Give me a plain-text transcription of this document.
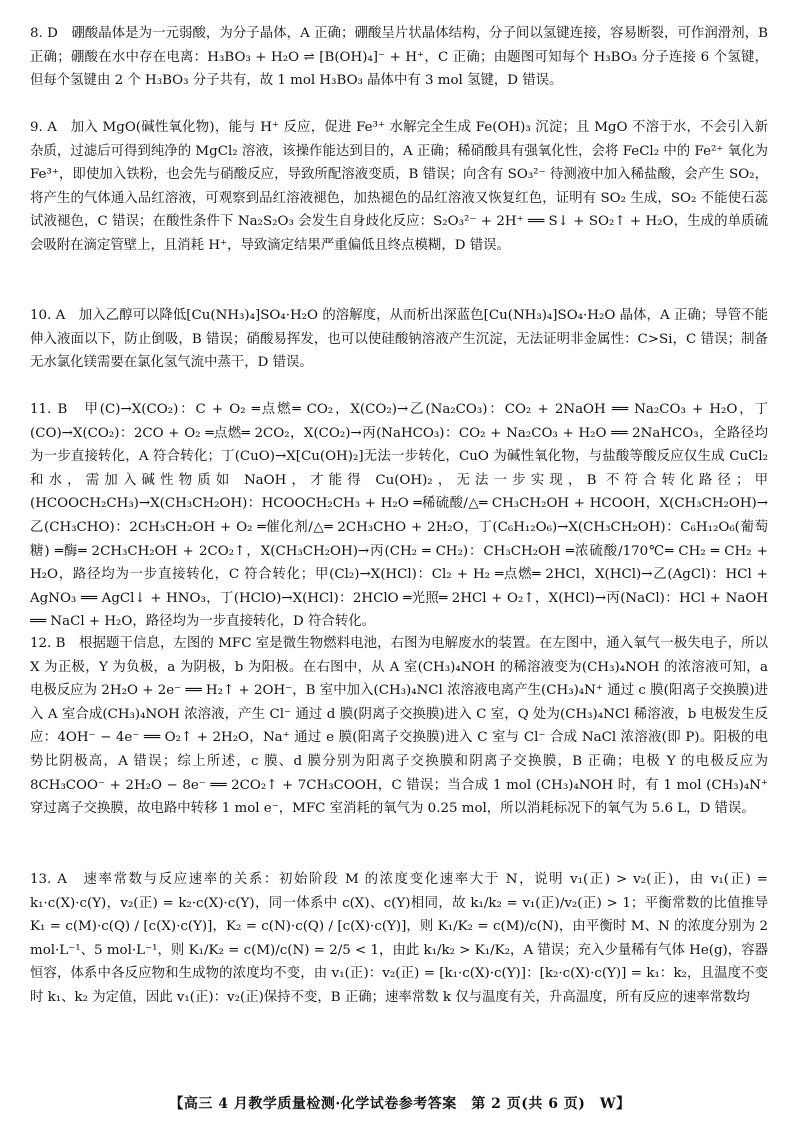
8. D　硼酸晶体是为一元弱酸，为分子晶体，A 正确；硼酸呈片状晶体结构，分子间以氢键连接，容易断裂，可作润滑剂，B 正确；硼酸在水中存在电离：H₃BO₃ + H₂O ⇌ [B(OH)₄]⁻ + H⁺，C 正确；由题图可知每个 H₃BO₃ 分子连接 6 个氢键，但每个氢键由 2 个 H₃BO₃ 分子共有，故 1 mol H₃BO₃ 晶体中有 3 mol 氢键，D 错误。
9. A　加入 MgO(碱性氧化物)，能与 H⁺ 反应，促进 Fe³⁺ 水解完全生成 Fe(OH)₃ 沉淀；且 MgO 不溶于水，不会引入新杂质，过滤后可得到纯净的 MgCl₂ 溶液，该操作能达到目的，A 正确；稀硝酸具有强氧化性，会将 FeCl₂ 中的 Fe²⁺ 氧化为 Fe³⁺，即使加入铁粉，也会先与硝酸反应，导致所配溶液变质，B 错误；向含有 SO₃²⁻ 待测液中加入稀盐酸，会产生 SO₂，将产生的气体通入品红溶液，可观察到品红溶液褪色，加热褪色的品红溶液又恢复红色，证明有 SO₂ 生成，SO₂ 不能使石蕊试液褪色，C 错误；在酸性条件下 Na₂S₂O₃ 会发生自身歧化反应：S₂O₃²⁻ + 2H⁺ ══ S↓ + SO₂↑ + H₂O，生成的单质硫会吸附在滴定管壁上，且消耗 H⁺，导致滴定结果严重偏低且终点模糊，D 错误。
10. A　加入乙醇可以降低[Cu(NH₃)₄]SO₄·H₂O 的溶解度，从而析出深蓝色[Cu(NH₃)₄]SO₄·H₂O 晶体，A 正确；导管不能伸入液面以下，防止倒吸，B 错误；硝酸易挥发，也可以使硅酸钠溶液产生沉淀，无法证明非金属性：C>Si，C 错误；制备无水氯化镁需要在氯化氢气流中蒸干，D 错误。
11. B　甲(C)→X(CO₂)：C + O₂ ═点燃═ CO₂，X(CO₂)→乙(Na₂CO₃)：CO₂ + 2NaOH ══ Na₂CO₃ + H₂O，丁(CO)→X(CO₂)：2CO + O₂ ═点燃═ 2CO₂，X(CO₂)→丙(NaHCO₃)：CO₂ + Na₂CO₃ + H₂O ══ 2NaHCO₃，全路径均为一步直接转化，A 符合转化；丁(CuO)→X[Cu(OH)₂]无法一步转化，CuO 为碱性氧化物，与盐酸等酸反应仅生成 CuCl₂ 和水，需加入碱性物质如 NaOH，才能得 Cu(OH)₂，无法一步实现，B 不符合转化路径；甲(HCOOCH₂CH₃)→X(CH₃CH₂OH)：HCOOCH₂CH₃ + H₂O ═稀硫酸/△═ CH₃CH₂OH + HCOOH，X(CH₃CH₂OH)→乙(CH₃CHO)：2CH₃CH₂OH + O₂ ═催化剂/△═ 2CH₃CHO + 2H₂O，丁(C₆H₁₂O₆)→X(CH₃CH₂OH)：C₆H₁₂O₆(葡萄糖) ═酶═ 2CH₃CH₂OH + 2CO₂↑，X(CH₃CH₂OH)→丙(CH₂ ═ CH₂)：CH₃CH₂OH ═浓硫酸/170℃═ CH₂ ═ CH₂ + H₂O，路径均为一步直接转化，C 符合转化；甲(Cl₂)→X(HCl)：Cl₂ + H₂ ═点燃═ 2HCl，X(HCl)→乙(AgCl)：HCl + AgNO₃ ══ AgCl↓ + HNO₃，丁(HClO)→X(HCl)：2HClO ═光照═ 2HCl + O₂↑，X(HCl)→丙(NaCl)：HCl + NaOH ══ NaCl + H₂O，路径均为一步直接转化，D 符合转化。
12. B　根据题干信息，左图的 MFC 室是微生物燃料电池，右图为电解废水的装置。在左图中，通入氧气一极失电子，所以 X 为正极，Y 为负极，a 为阴极，b 为阳极。在右图中，从 A 室(CH₃)₄NOH 的稀溶液变为(CH₃)₄NOH 的浓溶液可知，a 电极反应为 2H₂O + 2e⁻ ══ H₂↑ + 2OH⁻，B 室中加入(CH₃)₄NCl 浓溶液电离产生(CH₃)₄N⁺ 通过 c 膜(阳离子交换膜)进入 A 室合成(CH₃)₄NOH 浓溶液，产生 Cl⁻ 通过 d 膜(阴离子交换膜)进入 C 室，Q 处为(CH₃)₄NCl 稀溶液，b 电极发生反应：4OH⁻ − 4e⁻ ══ O₂↑ + 2H₂O，Na⁺ 通过 e 膜(阳离子交换膜)进入 C 室与 Cl⁻ 合成 NaCl 浓溶液(即 P)。阳极的电势比阴极高，A 错误；综上所述，c 膜、d 膜分别为阳离子交换膜和阴离子交换膜，B 正确；电极 Y 的电极反应为 8CH₃COO⁻ + 2H₂O − 8e⁻ ══ 2CO₂↑ + 7CH₃COOH，C 错误；当合成 1 mol (CH₃)₄NOH 时，有 1 mol (CH₃)₄N⁺ 穿过离子交换膜，故电路中转移 1 mol e⁻，MFC 室消耗的氧气为 0.25 mol，所以消耗标况下的氧气为 5.6 L，D 错误。
13. A　速率常数与反应速率的关系：初始阶段 M 的浓度变化速率大于 N，说明 v₁(正) > v₂(正)，由 v₁(正) = k₁·c(X)·c(Y)，v₂(正) = k₂·c(X)·c(Y)，同一体系中 c(X)、c(Y)相同，故 k₁/k₂ = v₁(正)/v₂(正) > 1；平衡常数的比值推导 K₁ = c(M)·c(Q) / [c(X)·c(Y)]，K₂ = c(N)·c(Q) / [c(X)·c(Y)]，则 K₁/K₂ = c(M)/c(N)，由平衡时 M、N 的浓度分别为 2 mol·L⁻¹、5 mol·L⁻¹，则 K₁/K₂ = c(M)/c(N) = 2/5 < 1，由此 k₁/k₂ > K₁/K₂，A 错误；充入少量稀有气体 He(g)，容器恒容，体系中各反应物和生成物的浓度均不变，由 v₁(正)：v₂(正) = [k₁·c(X)·c(Y)]：[k₂·c(X)·c(Y)] = k₁：k₂，且温度不变时 k₁、k₂ 为定值，因此 v₁(正)：v₂(正)保持不变，B 正确；速率常数 k 仅与温度有关，升高温度，所有反应的速率常数均
【高三 4 月教学质量检测·化学试卷参考答案　第 2 页(共 6 页)　W】
